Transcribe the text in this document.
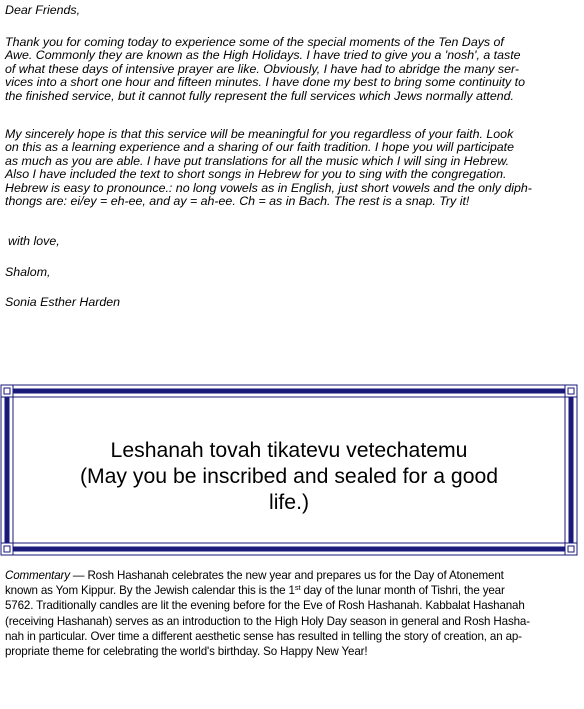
Dear Friends,
Thank you for coming today to experience some of the special moments of the Ten Days of
Awe. Commonly they are known as the High Holidays. I have tried to give you a 'nosh', a taste
of what these days of intensive prayer are like. Obviously, I have had to abridge the many ser-
vices into a short one hour and fifteen minutes. I have done my best to bring some continuity to
the finished service, but it cannot fully represent the full services which Jews normally attend.
My sincerely hope is that this service will be meaningful for you regardless of your faith. Look
on this as a learning experience and a sharing of our faith tradition. I hope you will participate
as much as you are able. I have put translations for all the music which I will sing in Hebrew.
Also I have included the text to short songs in Hebrew for you to sing with the congregation.
Hebrew is easy to pronounce.: no long vowels as in English, just short vowels and the only diph-
thongs are: ei/ey = eh-ee, and ay = ah-ee. Ch = as in Bach. The rest is a snap. Try it!
with love,
Shalom,
Sonia Esther Harden
Leshanah tovah tikatevu vetechatemu
(May you be inscribed and sealed for a good
life.)
Commentary — Rosh Hashanah celebrates the new year and prepares us for the Day of Atonement
known as Yom Kippur. By the Jewish calendar this is the 1st day of the lunar month of Tishri, the year
5762. Traditionally candles are lit the evening before for the Eve of Rosh Hashanah. Kabbalat Hashanah
(receiving Hashanah) serves as an introduction to the High Holy Day season in general and Rosh Hasha-
nah in particular. Over time a different aesthetic sense has resulted in telling the story of creation, an ap-
propriate theme for celebrating the world's birthday. So Happy New Year!
